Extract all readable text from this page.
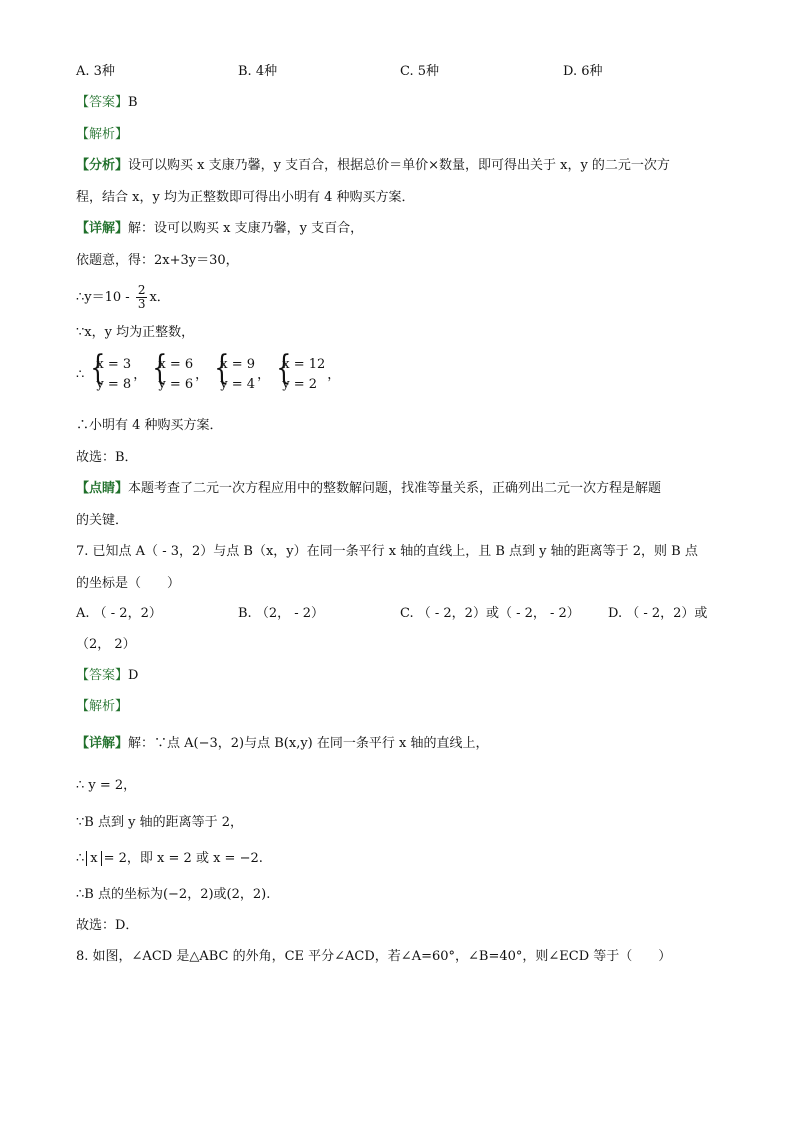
A. 3种	B. 4种	C. 5种	D. 6种
【答案】B
【解析】
【分析】设可以购买 x 支康乃馨，y 支百合，根据总价＝单价×数量，即可得出关于 x，y 的二元一次方
程，结合 x，y 均为正整数即可得出小明有 4 种购买方案．
【详解】解：设可以购买 x 支康乃馨，y 支百合，
依题意，得：2x+3y＝30，
∴y＝10 - $\frac{2}{3}$ x．
∵x，y 均为正整数，
∴ {
x = 3
y = 8
， {
x = 6
y = 6
， {
x = 9
y = 4
， {
x = 12
y = 2
，
∴小明有 4 种购买方案．
故选：B．
【点睛】本题考查了二元一次方程应用中的整数解问题，找准等量关系，正确列出二元一次方程是解题
的关键．
7. 已知点 A（ - 3，2）与点 B（x，y）在同一条平行 x 轴的直线上，且 B 点到 y 轴的距离等于 2，则 B 点
的坐标是（　　）
A. （ - 2，2）	B. （2， - 2）	C. （ - 2，2）或（ - 2， - 2） D. （ - 2，2）或
（2， 2）
【答案】D
【解析】
【详解】解：∵点 A(−3，2)与点 B(x,y) 在同一条平行 x 轴的直线上，
∴ y = 2，
∵B 点到 y 轴的距离等于 2，
∴ x = 2，即 x = 2 或 x = −2.
∴B 点的坐标为(−2，2)或(2，2).
故选：D．
8. 如图，∠ACD 是△ABC 的外角，CE 平分∠ACD，若∠A=60°，∠B=40°，则∠ECD 等于（　　）
